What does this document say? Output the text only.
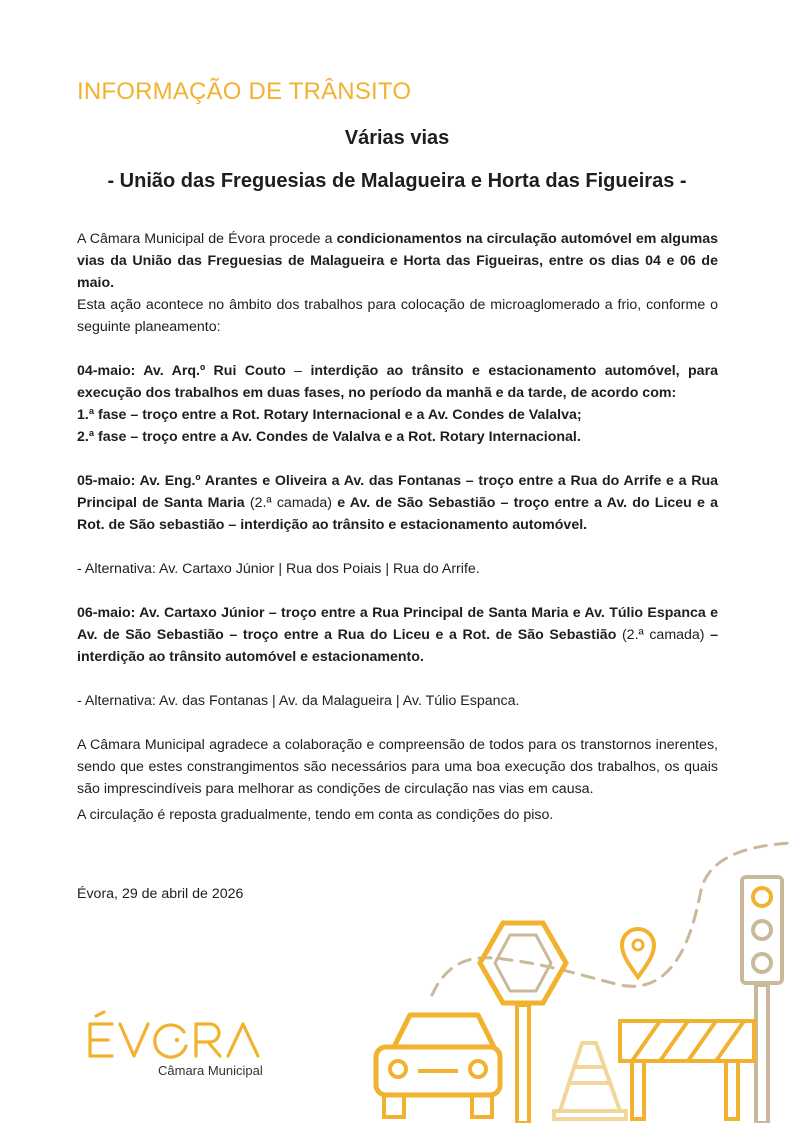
INFORMAÇÃO DE TRÂNSITO
Várias vias
- União das Freguesias de Malagueira e Horta das Figueiras -

A Câmara Municipal de Évora procede a condicionamentos na circulação automóvel em algumas vias da União das Freguesias de Malagueira e Horta das Figueiras, entre os dias 04 e 06 de maio.

Esta ação acontece no âmbito dos trabalhos para colocação de microaglomerado a frio, conforme o seguinte planeamento:

04-maio: Av. Arq.º Rui Couto – interdição ao trânsito e estacionamento automóvel, para execução dos trabalhos em duas fases, no período da manhã e da tarde, de acordo com:

1.ª fase – troço entre a Rot. Rotary Internacional e a Av. Condes de Valalva;

2.ª fase – troço entre a Av. Condes de Valalva e a Rot. Rotary Internacional.

05-maio: Av. Eng.º Arantes e Oliveira a Av. das Fontanas – troço entre a Rua do Arrife e a Rua Principal de Santa Maria (2.ª camada) e Av. de São Sebastião – troço entre a Av. do Liceu e a Rot. de São sebastião – interdição ao trânsito e estacionamento automóvel.

- Alternativa: Av. Cartaxo Júnior | Rua dos Poiais | Rua do Arrife.

06-maio: Av. Cartaxo Júnior – troço entre a Rua Principal de Santa Maria e Av. Túlio Espanca e Av. de São Sebastião – troço entre a Rua do Liceu e a Rot. de São Sebastião (2.ª camada) – interdição ao trânsito automóvel e estacionamento.

- Alternativa: Av. das Fontanas | Av. da Malagueira | Av. Túlio Espanca.

A Câmara Municipal agradece a colaboração e compreensão de todos para os transtornos inerentes, sendo que estes constrangimentos são necessários para uma boa execução dos trabalhos, os quais são imprescindíveis para melhorar as condições de circulação nas vias em causa.

A circulação é reposta gradualmente, tendo em conta as condições do piso.

Évora, 29 de abril de 2026
Câmara Municipal
